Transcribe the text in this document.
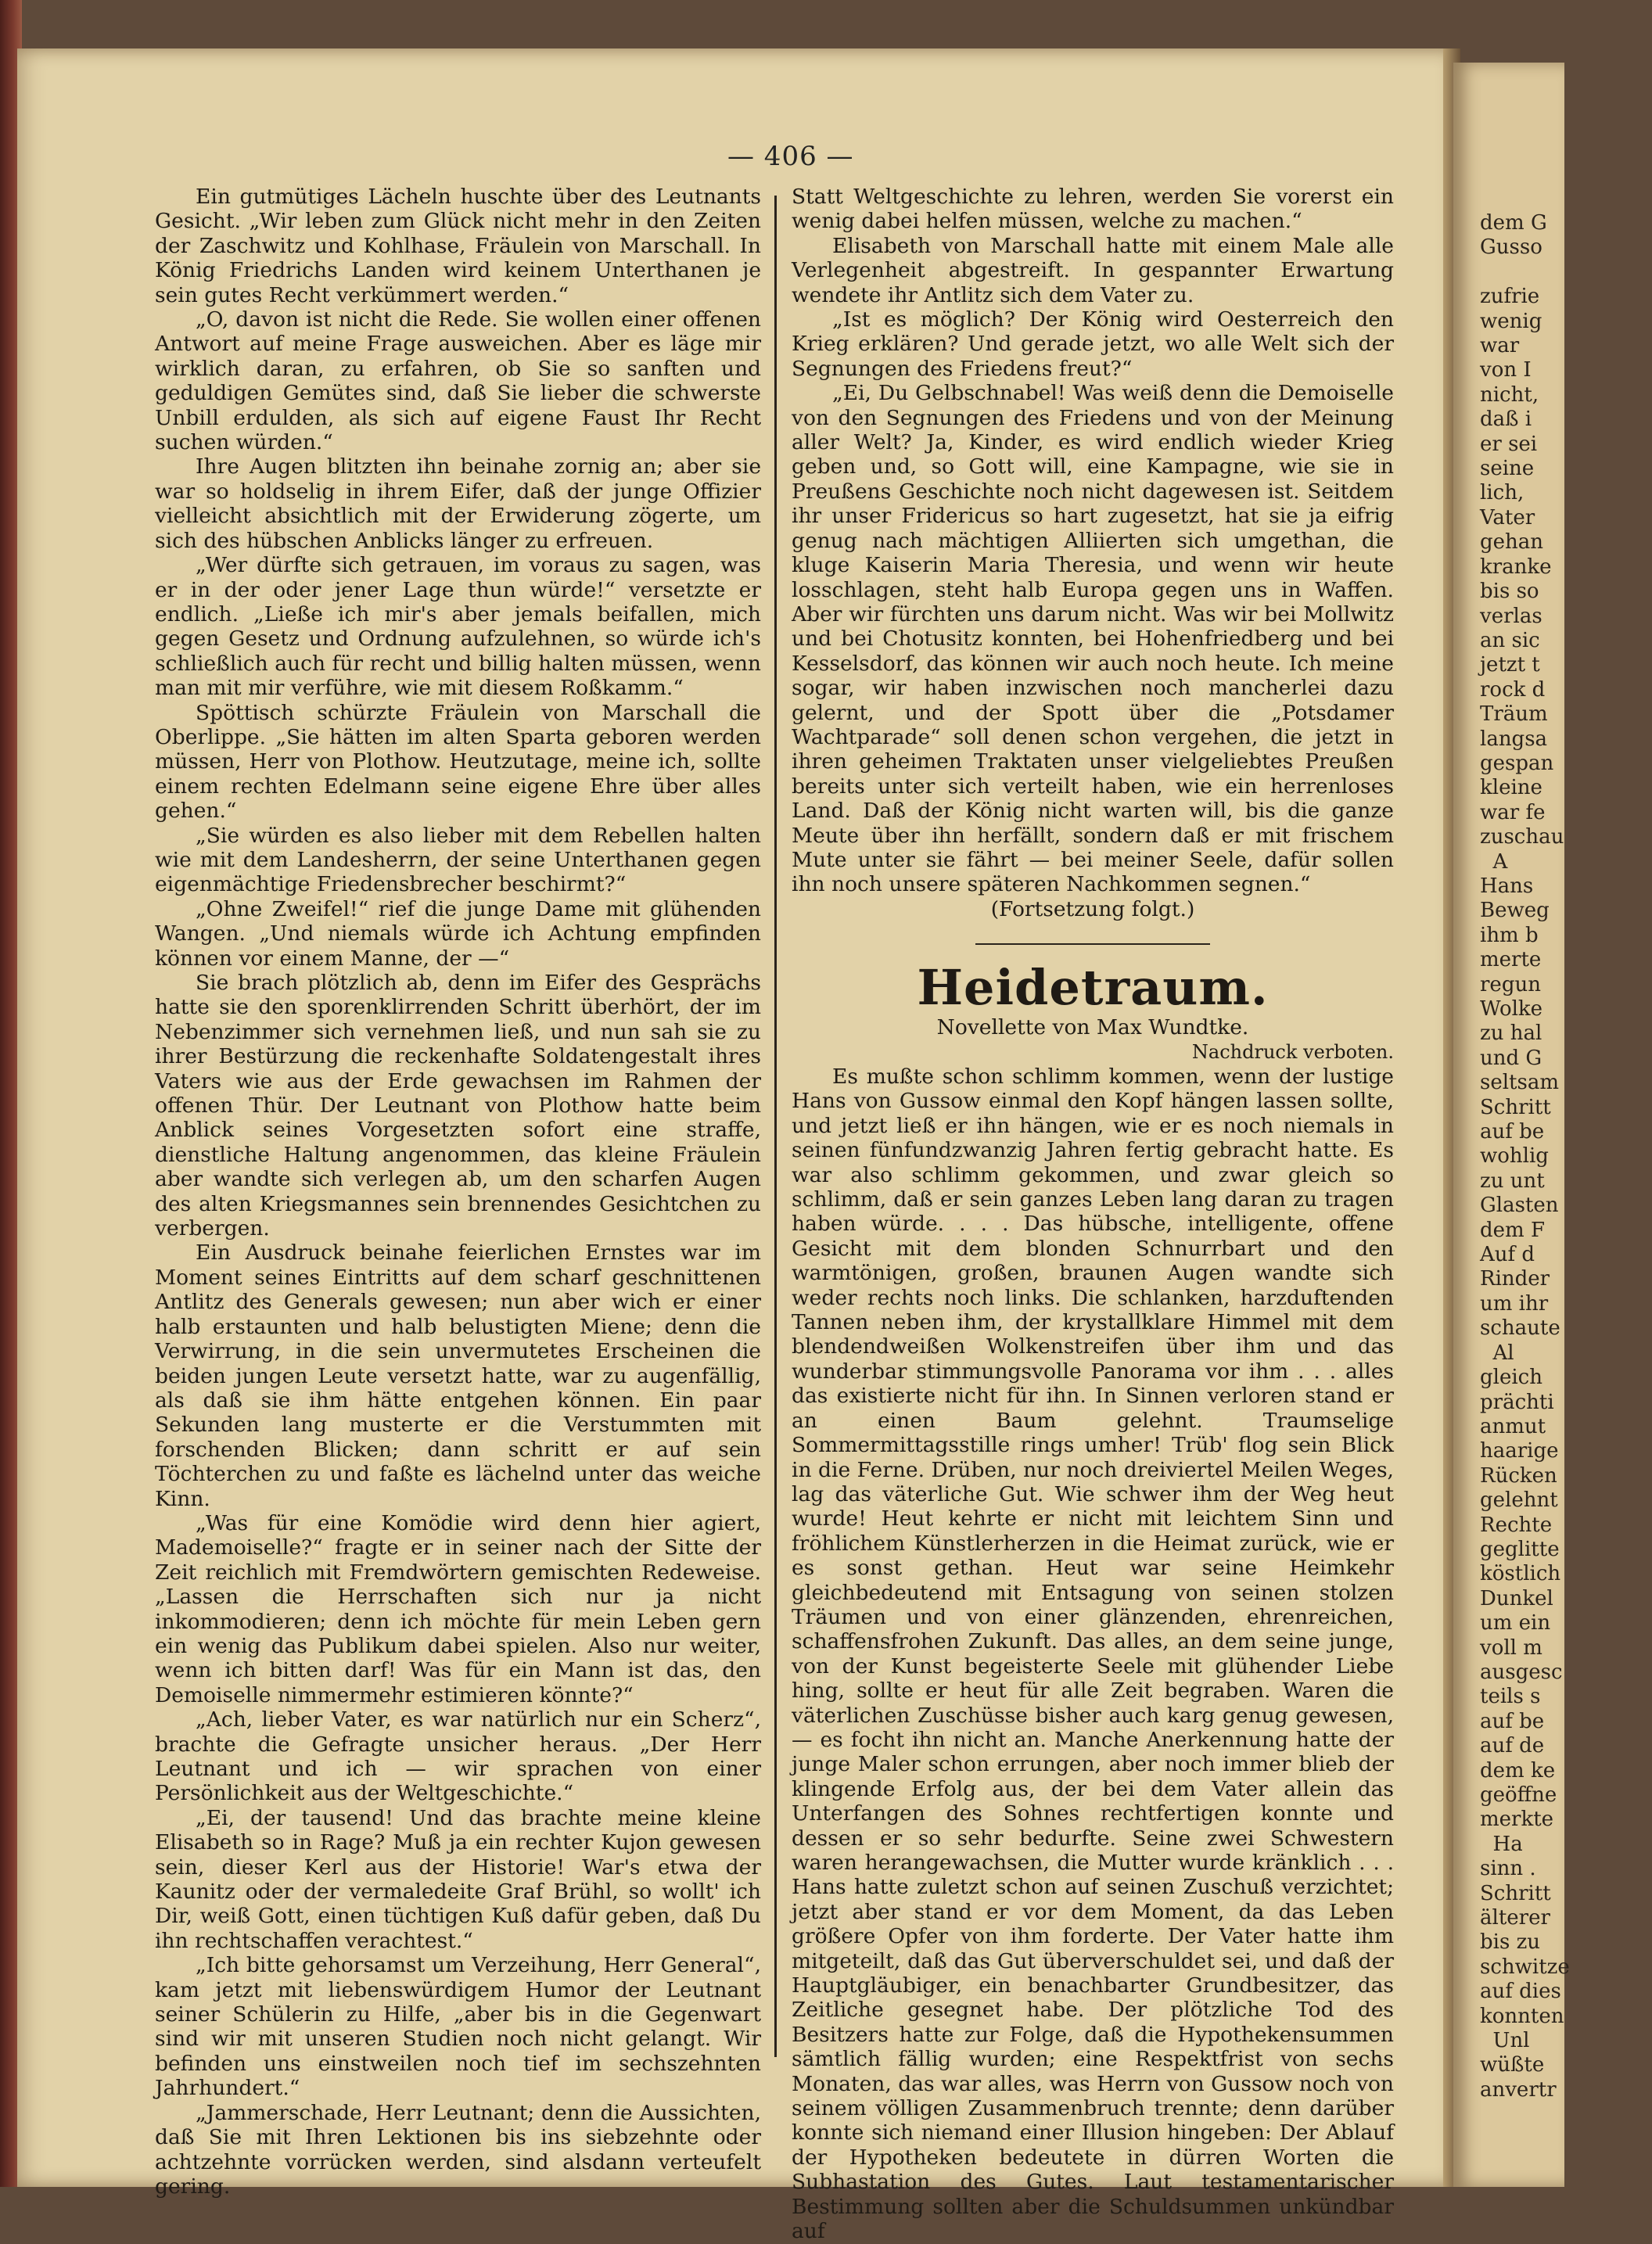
— 406 —

Ein gutmütiges Lächeln huschte über des Leutnants Gesicht. „Wir leben zum Glück nicht mehr in den Zeiten der Zaschwitz und Kohlhase, Fräulein von Marschall. In König Friedrichs Landen wird keinem Unterthanen je sein gutes Recht verkümmert werden.“

„O, davon ist nicht die Rede. Sie wollen einer offenen Antwort auf meine Frage ausweichen. Aber es läge mir wirklich daran, zu erfahren, ob Sie so sanften und geduldigen Gemütes sind, daß Sie lieber die schwerste Unbill erdulden, als sich auf eigene Faust Ihr Recht suchen würden.“

Ihre Augen blitzten ihn beinahe zornig an; aber sie war so holdselig in ihrem Eifer, daß der junge Offizier vielleicht absichtlich mit der Erwiderung zögerte, um sich des hübschen Anblicks länger zu erfreuen.

„Wer dürfte sich getrauen, im voraus zu sagen, was er in der oder jener Lage thun würde!“ versetzte er endlich. „Ließe ich mir's aber jemals beifallen, mich gegen Gesetz und Ordnung aufzulehnen, so würde ich's schließlich auch für recht und billig halten müssen, wenn man mit mir verführe, wie mit diesem Roßkamm.“

Spöttisch schürzte Fräulein von Marschall die Oberlippe. „Sie hätten im alten Sparta geboren werden müssen, Herr von Plothow. Heutzutage, meine ich, sollte einem rechten Edelmann seine eigene Ehre über alles gehen.“

„Sie würden es also lieber mit dem Rebellen halten wie mit dem Landesherrn, der seine Unterthanen gegen eigenmächtige Friedensbrecher beschirmt?“

„Ohne Zweifel!“ rief die junge Dame mit glühenden Wangen. „Und niemals würde ich Achtung empfinden können vor einem Manne, der —“

Sie brach plötzlich ab, denn im Eifer des Gesprächs hatte sie den sporenklirrenden Schritt überhört, der im Nebenzimmer sich vernehmen ließ, und nun sah sie zu ihrer Bestürzung die reckenhafte Soldatengestalt ihres Vaters wie aus der Erde gewachsen im Rahmen der offenen Thür. Der Leutnant von Plothow hatte beim Anblick seines Vorgesetzten sofort eine straffe, dienstliche Haltung angenommen, das kleine Fräulein aber wandte sich verlegen ab, um den scharfen Augen des alten Kriegsmannes sein brennendes Gesichtchen zu verbergen.

Ein Ausdruck beinahe feierlichen Ernstes war im Moment seines Eintritts auf dem scharf geschnittenen Antlitz des Generals gewesen; nun aber wich er einer halb erstaunten und halb belustigten Miene; denn die Verwirrung, in die sein unvermutetes Erscheinen die beiden jungen Leute versetzt hatte, war zu augenfällig, als daß sie ihm hätte entgehen können. Ein paar Sekunden lang musterte er die Verstummten mit forschenden Blicken; dann schritt er auf sein Töchterchen zu und faßte es lächelnd unter das weiche Kinn.

„Was für eine Komödie wird denn hier agiert, Mademoiselle?“ fragte er in seiner nach der Sitte der Zeit reichlich mit Fremdwörtern gemischten Redeweise. „Lassen die Herrschaften sich nur ja nicht inkommodieren; denn ich möchte für mein Leben gern ein wenig das Publikum dabei spielen. Also nur weiter, wenn ich bitten darf! Was für ein Mann ist das, den Demoiselle nimmermehr estimieren könnte?“

„Ach, lieber Vater, es war natürlich nur ein Scherz“, brachte die Gefragte unsicher heraus. „Der Herr Leutnant und ich — wir sprachen von einer Persönlichkeit aus der Weltgeschichte.“

„Ei, der tausend! Und das brachte meine kleine Elisabeth so in Rage? Muß ja ein rechter Kujon gewesen sein, dieser Kerl aus der Historie! War's etwa der Kaunitz oder der vermaledeite Graf Brühl, so wollt' ich Dir, weiß Gott, einen tüchtigen Kuß dafür geben, daß Du ihn rechtschaffen verachtest.“

„Ich bitte gehorsamst um Verzeihung, Herr General“, kam jetzt mit liebenswürdigem Humor der Leutnant seiner Schülerin zu Hilfe, „aber bis in die Gegenwart sind wir mit unseren Studien noch nicht gelangt. Wir befinden uns einstweilen noch tief im sechszehnten Jahrhundert.“

„Jammerschade, Herr Leutnant; denn die Aussichten, daß Sie mit Ihren Lektionen bis ins siebzehnte oder achtzehnte vorrücken werden, sind alsdann verteufelt gering.

Statt Weltgeschichte zu lehren, werden Sie vorerst ein wenig dabei helfen müssen, welche zu machen.“

Elisabeth von Marschall hatte mit einem Male alle Verlegenheit abgestreift. In gespannter Erwartung wendete ihr Antlitz sich dem Vater zu.

„Ist es möglich? Der König wird Oesterreich den Krieg erklären? Und gerade jetzt, wo alle Welt sich der Segnungen des Friedens freut?“

„Ei, Du Gelbschnabel! Was weiß denn die Demoiselle von den Segnungen des Friedens und von der Meinung aller Welt? Ja, Kinder, es wird endlich wieder Krieg geben und, so Gott will, eine Kampagne, wie sie in Preußens Geschichte noch nicht dagewesen ist. Seitdem ihr unser Fridericus so hart zugesetzt, hat sie ja eifrig genug nach mächtigen Alliierten sich umgethan, die kluge Kaiserin Maria Theresia, und wenn wir heute losschlagen, steht halb Europa gegen uns in Waffen. Aber wir fürchten uns darum nicht. Was wir bei Mollwitz und bei Chotusitz konnten, bei Hohenfriedberg und bei Kesselsdorf, das können wir auch noch heute. Ich meine sogar, wir haben inzwischen noch mancherlei dazu gelernt, und der Spott über die „Potsdamer Wachtparade“ soll denen schon vergehen, die jetzt in ihren geheimen Traktaten unser vielgeliebtes Preußen bereits unter sich verteilt haben, wie ein herrenloses Land. Daß der König nicht warten will, bis die ganze Meute über ihn herfällt, sondern daß er mit frischem Mute unter sie fährt — bei meiner Seele, dafür sollen ihn noch unsere späteren Nachkommen segnen.“

(Fortsetzung folgt.)

Heidetraum.

Novellette von Max Wundtke.

Nachdruck verboten.

Es mußte schon schlimm kommen, wenn der lustige Hans von Gussow einmal den Kopf hängen lassen sollte, und jetzt ließ er ihn hängen, wie er es noch niemals in seinen fünfundzwanzig Jahren fertig gebracht hatte. Es war also schlimm gekommen, und zwar gleich so schlimm, daß er sein ganzes Leben lang daran zu tragen haben würde. . . . Das hübsche, intelligente, offene Gesicht mit dem blonden Schnurrbart und den warmtönigen, großen, braunen Augen wandte sich weder rechts noch links. Die schlanken, harzduftenden Tannen neben ihm, der krystallklare Himmel mit dem blendendweißen Wolkenstreifen über ihm und das wunderbar stimmungsvolle Panorama vor ihm . . . alles das existierte nicht für ihn. In Sinnen verloren stand er an einen Baum gelehnt. Traumselige Sommermittagsstille rings umher! Trüb' flog sein Blick in die Ferne. Drüben, nur noch dreiviertel Meilen Weges, lag das väterliche Gut. Wie schwer ihm der Weg heut wurde! Heut kehrte er nicht mit leichtem Sinn und fröhlichem Künstlerherzen in die Heimat zurück, wie er es sonst gethan. Heut war seine Heimkehr gleichbedeutend mit Entsagung von seinen stolzen Träumen und von einer glänzenden, ehrenreichen, schaffensfrohen Zukunft. Das alles, an dem seine junge, von der Kunst begeisterte Seele mit glühender Liebe hing, sollte er heut für alle Zeit begraben. Waren die väterlichen Zuschüsse bisher auch karg genug gewesen, — es focht ihn nicht an. Manche Anerkennung hatte der junge Maler schon errungen, aber noch immer blieb der klingende Erfolg aus, der bei dem Vater allein das Unterfangen des Sohnes rechtfertigen konnte und dessen er so sehr bedurfte. Seine zwei Schwestern waren herangewachsen, die Mutter wurde kränklich . . . Hans hatte zuletzt schon auf seinen Zuschuß verzichtet; jetzt aber stand er vor dem Moment, da das Leben größere Opfer von ihm forderte. Der Vater hatte ihm mitgeteilt, daß das Gut überverschuldet sei, und daß der Hauptgläubiger, ein benachbarter Grundbesitzer, das Zeitliche gesegnet habe. Der plötzliche Tod des Besitzers hatte zur Folge, daß die Hypothekensummen sämtlich fällig wurden; eine Respektfrist von sechs Monaten, das war alles, was Herrn von Gussow noch von seinem völligen Zusammenbruch trennte; denn darüber konnte sich niemand einer Illusion hingeben: Der Ablauf der Hypotheken bedeutete in dürren Worten die Subhastation des Gutes. Laut testamentarischer Bestimmung sollten aber die Schuldsummen unkündbar auf

dem G
Gusso

zufrie
wenig
war
von I
nicht,
daß i
er sei
seine
lich,
Vater
gehan
kranke
bis so
verlas
an sic
jetzt t
rock d
Träum
langsa
gespan
kleine
war fe
zuschau
A
Hans
Beweg
ihm b
merte
regun
Wolke
zu hal
und G
seltsam
Schritt
auf be
wohlig
zu unt
Glasten
dem F
Auf d
Rinder
um ihr
schaute
Al
gleich
prächti
anmut
haarige
Rücken
gelehnt
Rechte
geglitte
köstlich
Dunkel
um ein
voll m
ausgesc
teils s
auf be
auf de
dem ke
geöffne
merkte
Ha
sinn .
Schritt
älterer
bis zu
schwitze
auf dies
konnten
Unl
wüßte
anvertr
